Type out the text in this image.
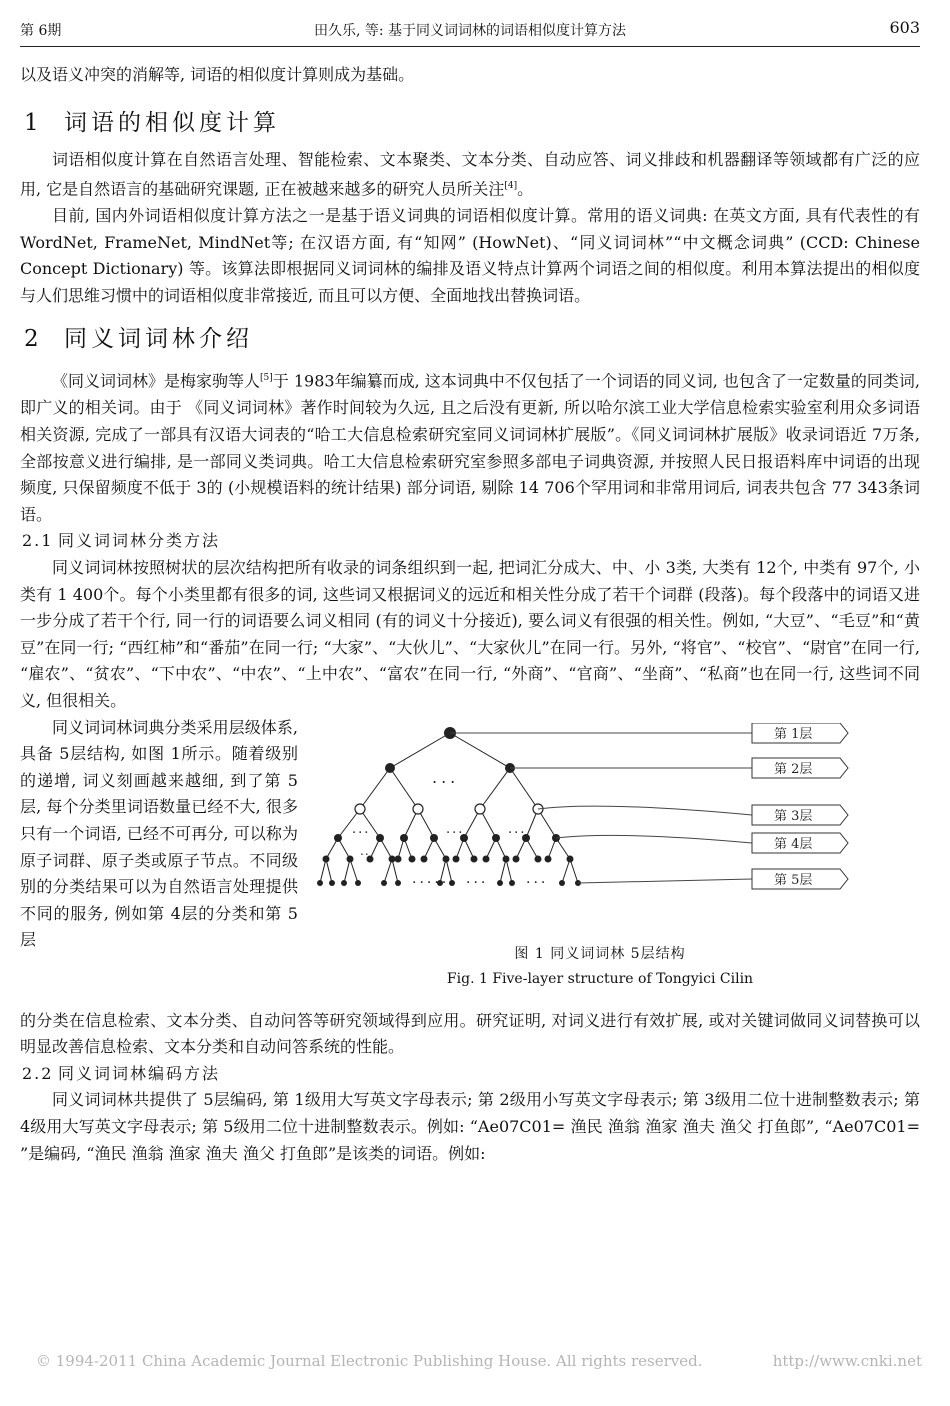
第 6期	田久乐, 等: 基于同义词词林的词语相似度计算方法	603

以及语义冲突的消解等, 词语的相似度计算则成为基础。

1 词语的相似度计算

词语相似度计算在自然语言处理、智能检索、文本聚类、文本分类、自动应答、词义排歧和机器翻译等领域都有广泛的应用, 它是自然语言的基础研究课题, 正在被越来越多的研究人员所关注[4]。

目前, 国内外词语相似度计算方法之一是基于语义词典的词语相似度计算。常用的语义词典: 在英文方面, 具有代表性的有 WordNet, FrameNet, MindNet等; 在汉语方面, 有“知网” (HowNet)、“同义词词林”“中文概念词典” (CCD: Chinese Concept Dictionary) 等。该算法即根据同义词词林的编排及语义特点计算两个词语之间的相似度。利用本算法提出的相似度与人们思维习惯中的词语相似度非常接近, 而且可以方便、全面地找出替换词语。

2 同义词词林介绍

《同义词词林》是梅家驹等人[5]于 1983年编纂而成, 这本词典中不仅包括了一个词语的同义词, 也包含了一定数量的同类词, 即广义的相关词。由于 《同义词词林》著作时间较为久远, 且之后没有更新, 所以哈尔滨工业大学信息检索实验室利用众多词语相关资源, 完成了一部具有汉语大词表的“哈工大信息检索研究室同义词词林扩展版”。《同义词词林扩展版》收录词语近 7万条, 全部按意义进行编排, 是一部同义类词典。哈工大信息检索研究室参照多部电子词典资源, 并按照人民日报语料库中词语的出现频度, 只保留频度不低于 3的 (小规模语料的统计结果) 部分词语, 剔除 14 706个罕用词和非常用词后, 词表共包含 77 343条词语。

2.1 同义词词林分类方法

同义词词林按照树状的层次结构把所有收录的词条组织到一起, 把词汇分成大、中、小 3类, 大类有 12个, 中类有 97个, 小类有 1 400个。每个小类里都有很多的词, 这些词又根据词义的远近和相关性分成了若干个词群 (段落)。每个段落中的词语又进一步分成了若干个行, 同一行的词语要么词义相同 (有的词义十分接近), 要么词义有很强的相关性。例如, “大豆”、“毛豆”和“黄豆”在同一行; “西红柿”和“番茄”在同一行; “大家”、“大伙儿”、“大家伙儿”在同一行。另外, “将官”、“校官”、“尉官”在同一行, “雇农”、“贫农”、“下中农”、“中农”、“上中农”、“富农”在同一行, “外商”、“官商”、“坐商”、“私商”也在同一行, 这些词不同义, 但很相关。

同义词词林词典分类采用层级体系, 具备 5层结构, 如图 1所示。随着级别的递增, 词义刻画越来越细, 到了第 5层, 每个分类里词语数量已经不大, 很多只有一个词语, 已经不可再分, 可以称为原子词群、原子类或原子节点。不同级别的分类结果可以为自然语言处理提供不同的服务, 例如第 4层的分类和第 5层

...
...	...	...
..
..... ...	...
第 1层
第 2层
第 3层
第 4层
第 5层
图 1 同义词词林 5层结构
Fig. 1 Five-layer structure of Tongyici Cilin

的分类在信息检索、文本分类、自动问答等研究领域得到应用。研究证明, 对词义进行有效扩展, 或对关键词做同义词替换可以明显改善信息检索、文本分类和自动问答系统的性能。

2.2 同义词词林编码方法

同义词词林共提供了 5层编码, 第 1级用大写英文字母表示; 第 2级用小写英文字母表示; 第 3级用二位十进制整数表示; 第 4级用大写英文字母表示; 第 5级用二位十进制整数表示。例如: “Ae07C01= 渔民 渔翁 渔家 渔夫 渔父 打鱼郎”, “Ae07C01= ”是编码, “渔民 渔翁 渔家 渔夫 渔父 打鱼郎”是该类的词语。例如:

© 1994-2011 China Academic Journal Electronic Publishing House. All rights reserved.	http://www.cnki.net
